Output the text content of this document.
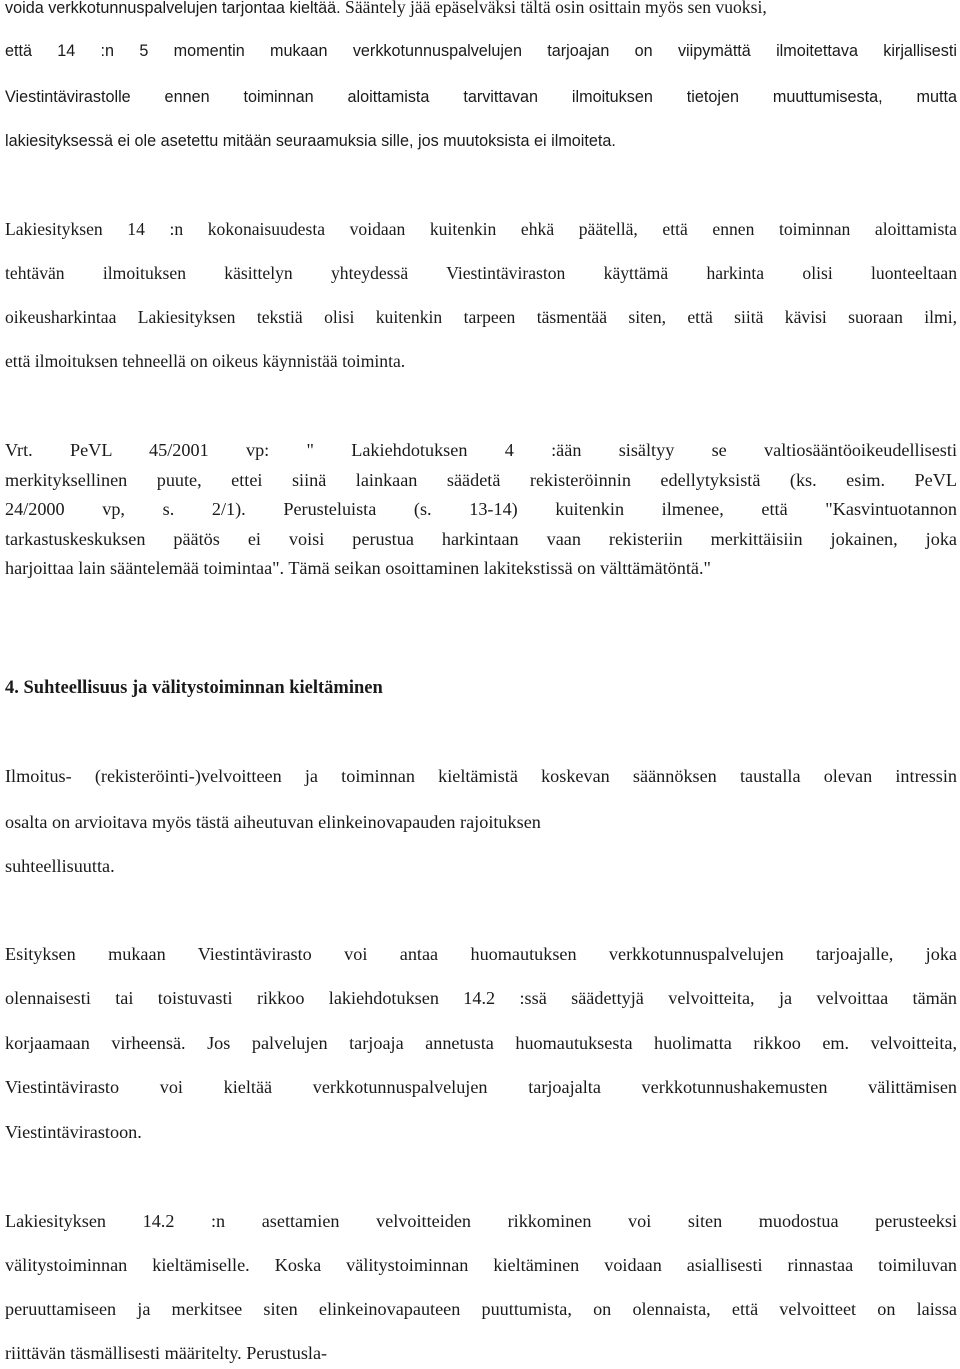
voida verkkotunnuspalvelujen tarjontaa kieltää. Sääntely jää epäselväksi tältä osin osittain myös sen vuoksi,
että 14 :n 5 momentin mukaan verkkotunnuspalvelujen tarjoajan on viipymättä ilmoitettava kirjallisesti
Viestintävirastolle ennen toiminnan aloittamista tarvittavan ilmoituksen tietojen muuttumisesta, mutta
lakiesityksessä ei ole asetettu mitään seuraamuksia sille, jos muutoksista ei ilmoiteta.
Lakiesityksen 14 :n kokonaisuudesta voidaan kuitenkin ehkä päätellä, että ennen toiminnan aloittamista
tehtävän ilmoituksen käsittelyn yhteydessä Viestintäviraston käyttämä harkinta olisi luonteeltaan
oikeusharkintaa Lakiesityksen tekstiä olisi kuitenkin tarpeen täsmentää siten, että siitä kävisi suoraan ilmi,
että ilmoituksen tehneellä on oikeus käynnistää toiminta.
Vrt. PeVL 45/2001 vp: " Lakiehdotuksen 4 :ään sisältyy se valtiosääntöoikeudellisesti
merkityksellinen puute, ettei siinä lainkaan säädetä rekisteröinnin edellytyksistä (ks. esim. PeVL
24/2000 vp, s. 2/1). Perusteluista (s. 13-14) kuitenkin ilmenee, että "Kasvintuotannon
tarkastuskeskuksen päätös ei voisi perustua harkintaan vaan rekisteriin merkittäisiin jokainen, joka
harjoittaa lain sääntelemää toimintaa". Tämä seikan osoittaminen lakitekstissä on välttämätöntä."
4. Suhteellisuus ja välitystoiminnan kieltäminen
Ilmoitus- (rekisteröinti-)velvoitteen ja toiminnan kieltämistä koskevan säännöksen taustalla olevan intressin
osalta on arvioitava myös tästä aiheutuvan elinkeinovapauden rajoituksen
suhteellisuutta.
Esityksen mukaan Viestintävirasto voi antaa huomautuksen verkkotunnuspalvelujen tarjoajalle, joka
olennaisesti tai toistuvasti rikkoo lakiehdotuksen 14.2 :ssä säädettyjä velvoitteita, ja velvoittaa tämän
korjaamaan virheensä. Jos palvelujen tarjoaja annetusta huomautuksesta huolimatta rikkoo em. velvoitteita,
Viestintävirasto voi kieltää verkkotunnuspalvelujen tarjoajalta verkkotunnushakemusten välittämisen
Viestintävirastoon.
Lakiesityksen 14.2 :n asettamien velvoitteiden rikkominen voi siten muodostua perusteeksi
välitystoiminnan kieltämiselle. Koska välitystoiminnan kieltäminen voidaan asiallisesti rinnastaa toimiluvan
peruuttamiseen ja merkitsee siten elinkeinovapauteen puuttumista, on olennaista, että velvoitteet on laissa
riittävän täsmällisesti määritelty. Perustusla-
